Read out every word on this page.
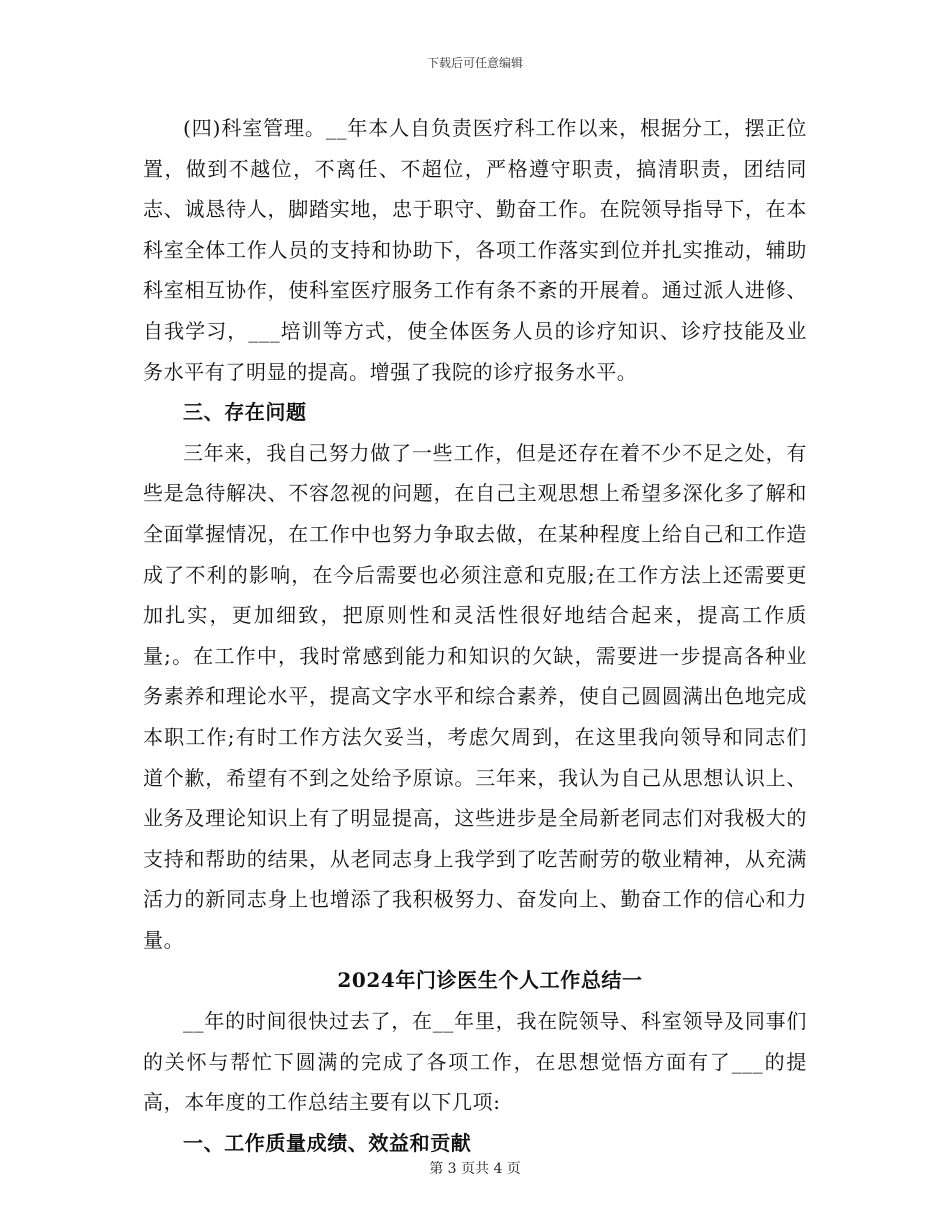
下载后可任意编辑

(四)科室管理。__年本人自负责医疗科工作以来，根据分工，摆正位置，做到不越位，不离任、不超位，严格遵守职责，搞清职责，团结同志、诚恳待人，脚踏实地，忠于职守、勤奋工作。在院领导指导下，在本科室全体工作人员的支持和协助下，各项工作落实到位并扎实推动，辅助科室相互协作，使科室医疗服务工作有条不紊的开展着。通过派人进修、自我学习，___培训等方式，使全体医务人员的诊疗知识、诊疗技能及业务水平有了明显的提高。增强了我院的诊疗报务水平。

三、存在问题

三年来，我自己努力做了一些工作，但是还存在着不少不足之处，有些是急待解决、不容忽视的问题，在自己主观思想上希望多深化多了解和全面掌握情况，在工作中也努力争取去做，在某种程度上给自己和工作造成了不利的影响，在今后需要也必须注意和克服;在工作方法上还需要更加扎实，更加细致，把原则性和灵活性很好地结合起来，提高工作质量;。在工作中，我时常感到能力和知识的欠缺，需要进一步提高各种业务素养和理论水平，提高文字水平和综合素养，使自己圆圆满出色地完成本职工作;有时工作方法欠妥当，考虑欠周到，在这里我向领导和同志们道个歉，希望有不到之处给予原谅。三年来，我认为自己从思想认识上、业务及理论知识上有了明显提高，这些进步是全局新老同志们对我极大的支持和帮助的结果，从老同志身上我学到了吃苦耐劳的敬业精神，从充满活力的新同志身上也增添了我积极努力、奋发向上、勤奋工作的信心和力量。

2024年门诊医生个人工作总结一

__年的时间很快过去了，在__年里，我在院领导、科室领导及同事们的关怀与帮忙下圆满的完成了各项工作，在思想觉悟方面有了___的提高，本年度的工作总结主要有以下几项:

一、工作质量成绩、效益和贡献

第 3 页共 4 页
